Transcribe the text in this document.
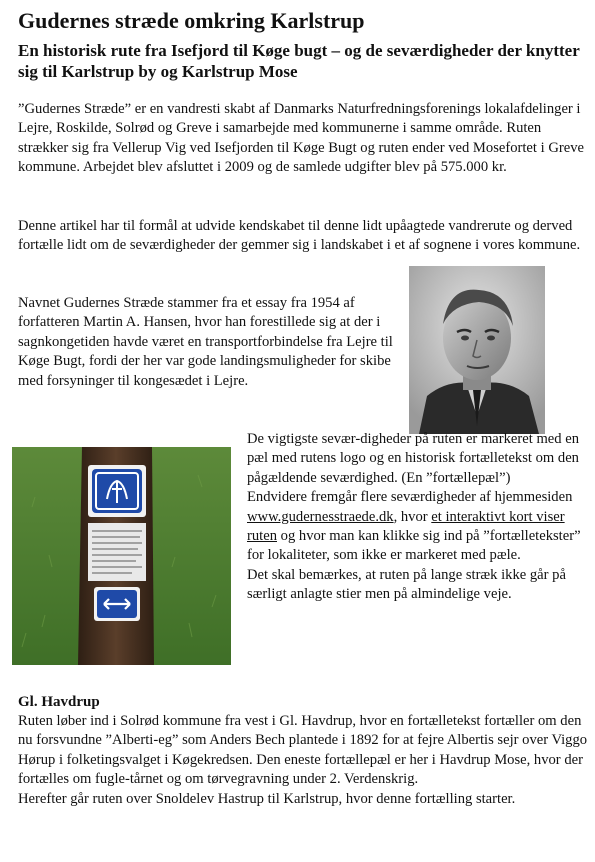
Gudernes stræde omkring Karlstrup
En historisk rute fra Isefjord til Køge bugt – og de seværdigheder der knytter sig til Karlstrup by og Karlstrup Mose

”Gudernes Stræde” er en vandresti skabt af Danmarks Naturfredningsforenings lokalafdelinger i Lejre, Roskilde, Solrød og Greve i samarbejde med kommunerne i samme område. Ruten strækker sig fra Vellerup Vig ved Isefjorden til Køge Bugt og ruten ender ved Mosefortet i Greve kommune. Arbejdet blev afsluttet i 2009 og de samlede udgifter blev på 575.000 kr.

Denne artikel har til formål at udvide kendskabet til denne lidt upåagtede vandrerute og derved fortælle lidt om de seværdigheder der gemmer sig i landskabet i et af sognene i vores kommune.

Navnet Gudernes Stræde stammer fra et essay fra 1954 af forfatteren Martin A. Hansen, hvor han forestillede sig at der i sagnkongetiden havde været en transportforbindelse fra Lejre til Køge Bugt, fordi der her var gode landingsmuligheder for skibe med forsyninger til kongesædet i Lejre.

De vigtigste sevær-digheder på ruten er markeret med en pæl med rutens logo og en historisk fortælletekst om den pågældende seværdighed. (En ”fortællepæl”)
Endvidere fremgår flere seværdigheder af hjemmesiden www.gudernesstraede.dk, hvor et interaktivt kort viser ruten og hvor man kan klikke sig ind på ”fortælletekster” for lokaliteter, som ikke er markeret med pæle.
Det skal bemærkes, at ruten på lange stræk ikke går på særligt anlagte stier men på almindelige veje.

Gl. Havdrup

Ruten løber ind i Solrød kommune fra vest i Gl. Havdrup, hvor en fortælletekst fortæller om den nu forsvundne ”Alberti-eg” som Anders Bech plantede i 1892 for at fejre Albertis sejr over Viggo Hørup i folketingsvalget i Køgekredsen. Den eneste fortællepæl er her i Havdrup Mose, hvor der fortælles om fugle-tårnet og om tørvegravning under 2. Verdenskrig.
Herefter går ruten over Snoldelev Hastrup til Karlstrup, hvor denne fortælling starter.
